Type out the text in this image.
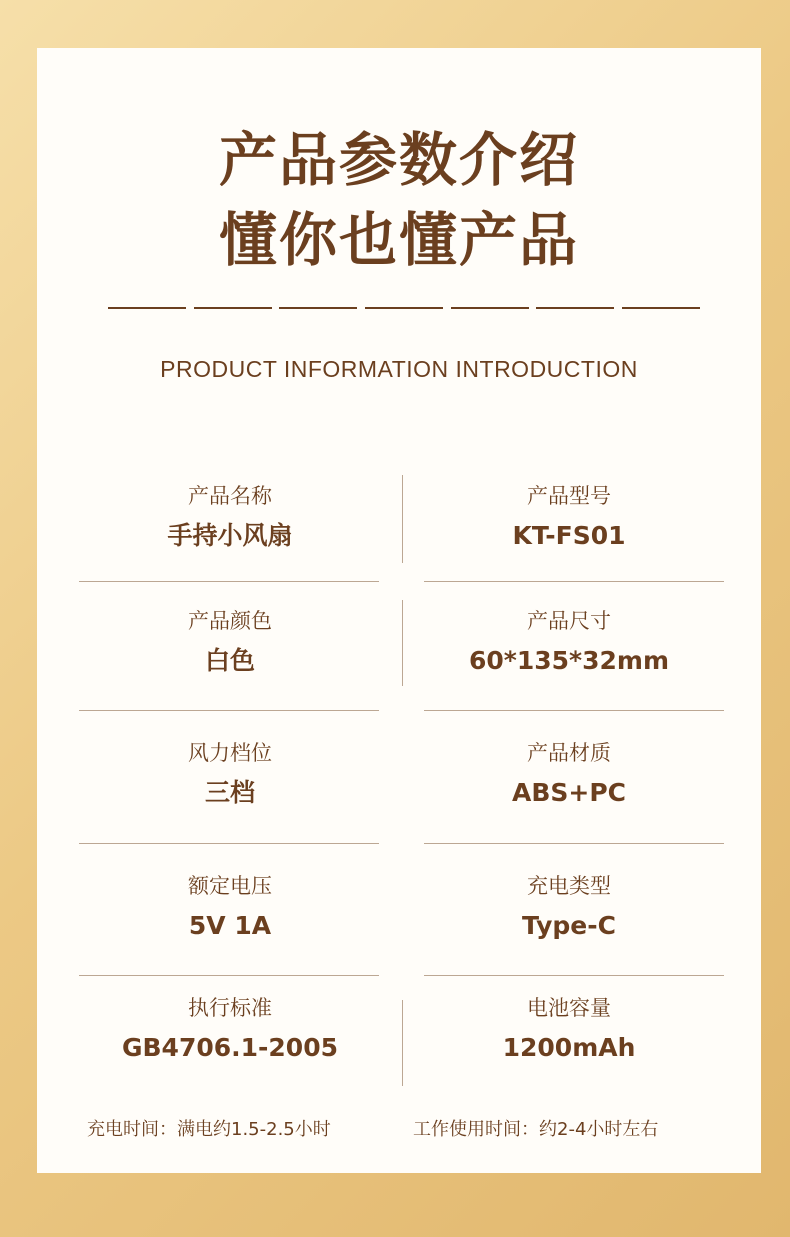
产品参数介绍
懂你也懂产品
PRODUCT INFORMATION INTRODUCTION
产品名称
手持小风扇
产品型号
KT-FS01
产品颜色
白色
产品尺寸
60*135*32mm
风力档位
三档
产品材质
ABS+PC
额定电压
5V 1A
充电类型
Type-C
执行标准
GB4706.1-2005
电池容量
1200mAh
充电时间：满电约1.5-2.5小时	工作使用时间：约2-4小时左右
